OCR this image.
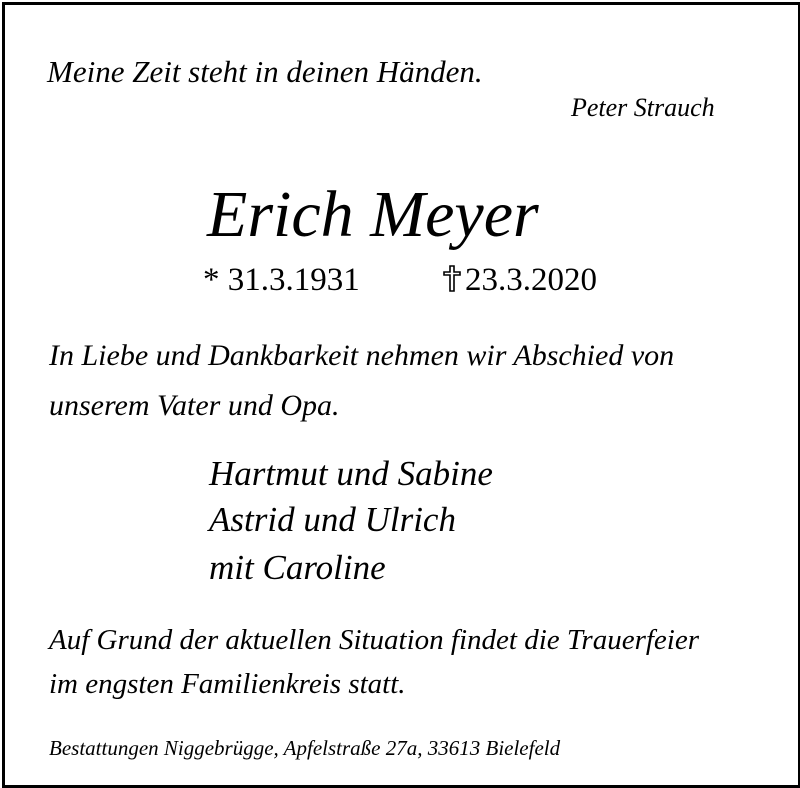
Meine Zeit steht in deinen Händen.
Peter Strauch
Erich Meyer
* 31.3.1931	23.3.2020
In Liebe und Dankbarkeit nehmen wir Abschied von
unserem Vater und Opa.
Hartmut und Sabine
Astrid und Ulrich
mit Caroline
Auf Grund der aktuellen Situation findet die Trauerfeier
im engsten Familienkreis statt.
Bestattungen Niggebrügge, Apfelstraße 27a, 33613 Bielefeld
